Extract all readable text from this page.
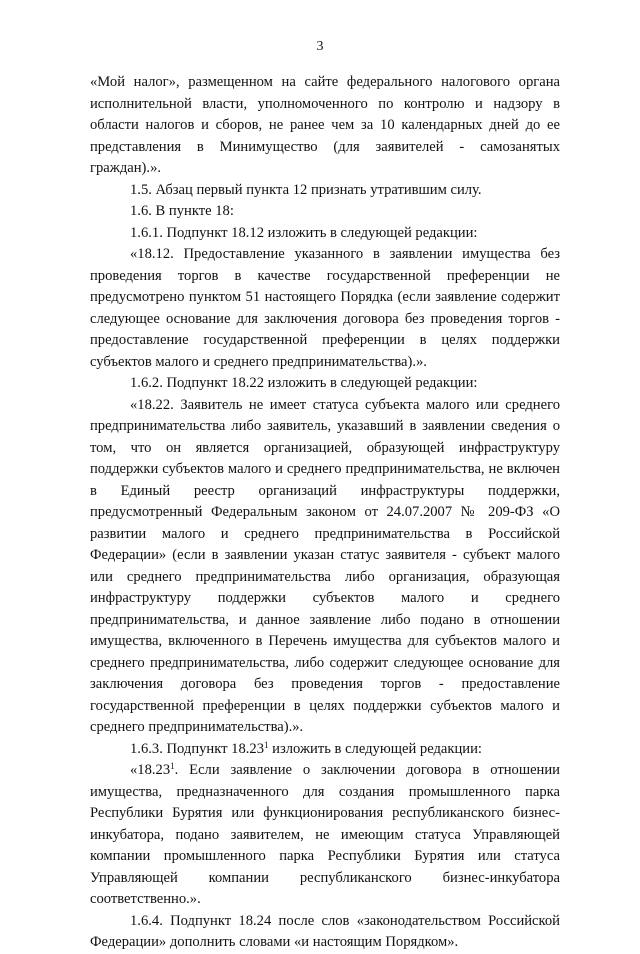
3

«Мой налог», размещенном на сайте федерального налогового органа исполнительной власти, уполномоченного по контролю и надзору в области налогов и сборов, не ранее чем за 10 календарных дней до ее представления в Минимущество (для заявителей - самозанятых граждан).».

1.5. Абзац первый пункта 12 признать утратившим силу.

1.6. В пункте 18:

1.6.1. Подпункт 18.12 изложить в следующей редакции:

«18.12. Предоставление указанного в заявлении имущества без проведения торгов в качестве государственной преференции не предусмотрено пунктом 51 настоящего Порядка (если заявление содержит следующее основание для заключения договора без проведения торгов - предоставление государственной преференции в целях поддержки субъектов малого и среднего предпринимательства).».

1.6.2. Подпункт 18.22 изложить в следующей редакции:

«18.22. Заявитель не имеет статуса субъекта малого или среднего предпринимательства либо заявитель, указавший в заявлении сведения о том, что он является организацией, образующей инфраструктуру поддержки субъектов малого и среднего предпринимательства, не включен в Единый реестр организаций инфраструктуры поддержки, предусмотренный Федеральным законом от 24.07.2007 № 209-ФЗ «О развитии малого и среднего предпринимательства в Российской Федерации» (если в заявлении указан статус заявителя - субъект малого или среднего предпринимательства либо организация, образующая инфраструктуру поддержки субъектов малого и среднего предпринимательства, и данное заявление либо подано в отношении имущества, включенного в Перечень имущества для субъектов малого и среднего предпринимательства, либо содержит следующее основание для заключения договора без проведения торгов - предоставление государственной преференции в целях поддержки субъектов малого и среднего предпринимательства).».

1.6.3. Подпункт 18.23$^1$ изложить в следующей редакции:

«18.23$^1$. Если заявление о заключении договора в отношении имущества, предназначенного для создания промышленного парка Республики Бурятия или функционирования республиканского бизнес-инкубатора, подано заявителем, не имеющим статуса Управляющей компании промышленного парка Республики Бурятия или статуса Управляющей компании республиканского бизнес-инкубатора соответственно.».

1.6.4. Подпункт 18.24 после слов «законодательством Российской Федерации» дополнить словами «и настоящим Порядком».
